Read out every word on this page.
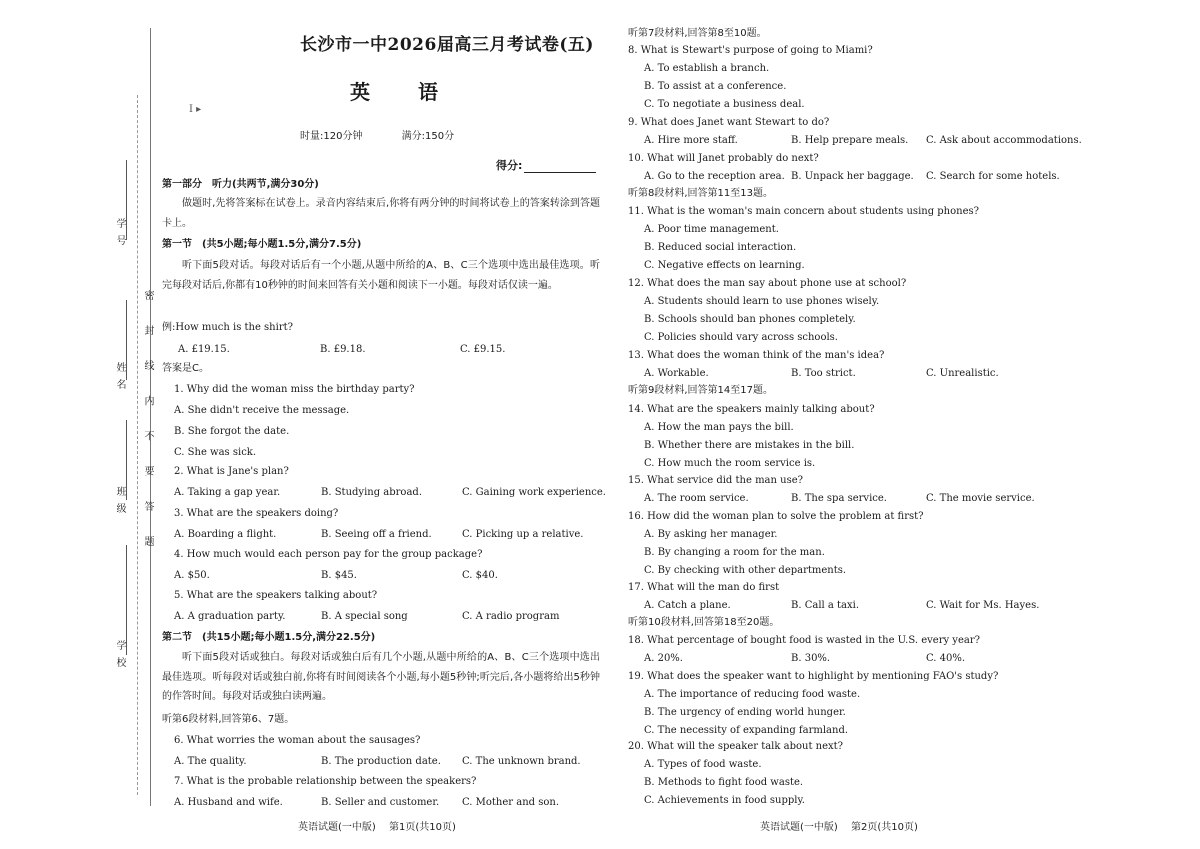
学 号
姓 名
班 级
学 校
密 封 线 内 不 要 答 题
长沙市一中2026届高三月考试卷(五)
英　语
Ⅰ ▸
时量:120分钟	满分:150分
得分:
第一部分　听力(共两节,满分30分)
做题时,先将答案标在试卷上。录音内容结束后,你将有两分钟的时间将试卷上的答案转涂到答题卡上。
第一节　(共5小题;每小题1.5分,满分7.5分)
听下面5段对话。每段对话后有一个小题,从题中所给的A、B、C三个选项中选出最佳选项。听完每段对话后,你都有10秒钟的时间来回答有关小题和阅读下一小题。每段对话仅读一遍。
例:How much is the shirt?
A. £19.15.	B. £9.18.	C. £9.15.
答案是C。
1. Why did the woman miss the birthday party?
A. She didn't receive the message.
B. She forgot the date.
C. She was sick.
2. What is Jane's plan?
A. Taking a gap year.	B. Studying abroad.	C. Gaining work experience.
3. What are the speakers doing?
A. Boarding a flight.	B. Seeing off a friend.	C. Picking up a relative.
4. How much would each person pay for the group package?
A. $50.	B. $45.	C. $40.
5. What are the speakers talking about?
A. A graduation party.	B. A special song	C. A radio program
6. What worries the woman about the sausages?
A. The quality.	B. The production date. C. The unknown brand.
7. What is the probable relationship between the speakers?
A. Husband and wife.	B. Seller and customer. C. Mother and son.
第二节　(共15小题;每小题1.5分,满分22.5分)
听下面5段对话或独白。每段对话或独白后有几个小题,从题中所给的A、B、C三个选项中选出最佳选项。听每段对话或独白前,你将有时间阅读各个小题,每小题5秒钟;听完后,各小题将给出5秒钟的作答时间。每段对话或独白读两遍。
听第6段材料,回答第6、7题。
英语试题(一中版) 第1页(共10页)
听第7段材料,回答第8至10题。
听第8段材料,回答第11至13题。
听第9段材料,回答第14至17题。
听第10段材料,回答第18至20题。
8. What is Stewart's purpose of going to Miami?
A. To establish a branch.
B. To assist at a conference.
C. To negotiate a business deal.
9. What does Janet want Stewart to do?
A. Hire more staff.	B. Help prepare meals. C. Ask about accommodations.
10. What will Janet probably do next?
A. Go to the reception area. B. Unpack her baggage. C. Search for some hotels.
11. What is the woman's main concern about students using phones?
A. Poor time management.
B. Reduced social interaction.
C. Negative effects on learning.
12. What does the man say about phone use at school?
A. Students should learn to use phones wisely.
B. Schools should ban phones completely.
C. Policies should vary across schools.
13. What does the woman think of the man's idea?
A. Workable.	B. Too strict.	C. Unrealistic.
14. What are the speakers mainly talking about?
A. How the man pays the bill.
B. Whether there are mistakes in the bill.
C. How much the room service is.
15. What service did the man use?
A. The room service.	B. The spa service.	C. The movie service.
16. How did the woman plan to solve the problem at first?
A. By asking her manager.
B. By changing a room for the man.
C. By checking with other departments.
17. What will the man do first
A. Catch a plane.	B. Call a taxi.	C. Wait for Ms. Hayes.
18. What percentage of bought food is wasted in the U.S. every year?
A. 20%.	B. 30%.	C. 40%.
19. What does the speaker want to highlight by mentioning FAO's study?
A. The importance of reducing food waste.
B. The urgency of ending world hunger.
C. The necessity of expanding farmland.
20. What will the speaker talk about next?
A. Types of food waste.
B. Methods to fight food waste.
C. Achievements in food supply.
英语试题(一中版) 第2页(共10页)
